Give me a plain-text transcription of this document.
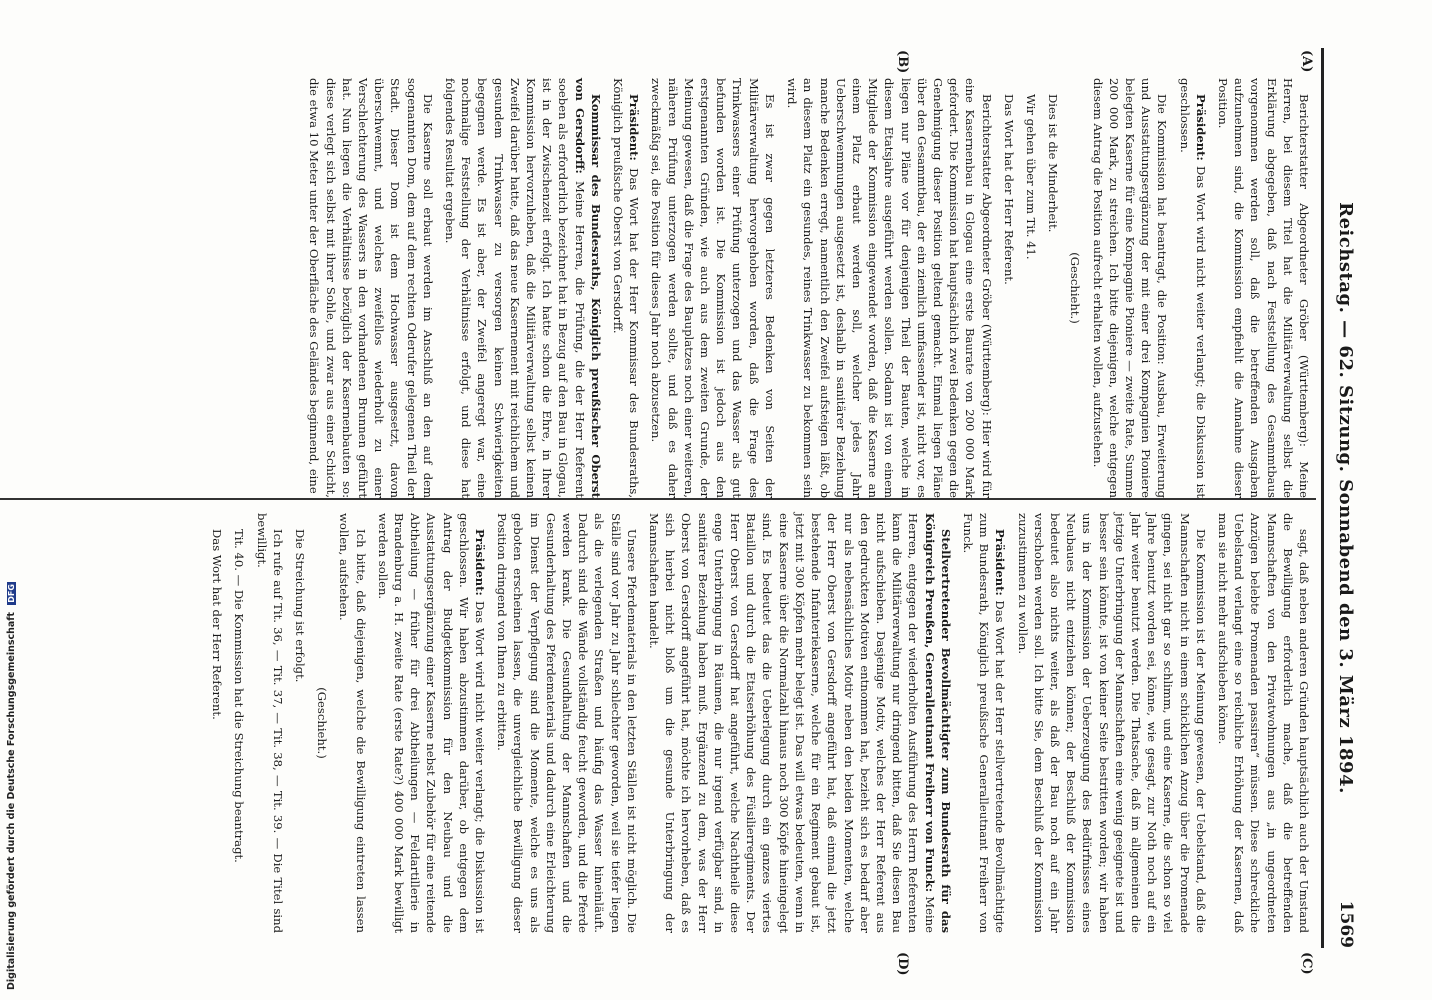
Reichstag. — 62. Sitzung. Sonnabend den 3. März 1894.
1569
(A)
(B)
(C)
(D)

Berichterstatter Abgeordneter Gröber (Württemberg): Meine Herren, bei diesem Titel hat die Militärverwaltung selbst die Erklärung abgegeben, daß nach Feststellung des Gesammtbaus vorgenommen werden soll, daß die betreffenden Ausgaben aufzunehmen sind, die Kommission empfiehlt die Annahme dieser Position.

Präsident: Das Wort wird nicht weiter verlangt; die Diskussion ist geschlossen.

Die Kommission hat beantragt, die Position: Ausbau, Erweiterung und Ausstattungsergänzung der mit einer drei Kompagnien Pioniere belegten Kaserne für eine Kompagnie Pioniere — zweite Rate, Summe 200 000 Mark, zu streichen. Ich bitte diejenigen, welche entgegen diesem Antrag die Position aufrecht erhalten wollen, aufzustehen.

(Geschieht.)

Dies ist die Minderheit.

Wir gehen über zum Tit. 41.

Das Wort hat der Herr Referent.

Berichterstatter Abgeordneter Gröber (Württemberg): Hier wird für eine Kasernenbau in Glogau eine erste Baurate von 200 000 Mark gefordert. Die Kommission hat hauptsächlich zwei Bedenken gegen die Genehmigung dieser Position geltend gemacht. Einmal liegen Pläne über den Gesammtbau, der ein ziemlich umfassender ist, nicht vor, es liegen nur Pläne vor für denjenigen Theil der Bauten, welche in diesem Etatsjahre ausgeführt werden sollen. Sodann ist von einem Mitgliede der Kommission eingewendet worden, daß die Kaserne an einem Platz erbaut werden soll, welcher jedes Jahr Ueberschwemmungen ausgesetzt ist, deshalb in sanitärer Beziehung manche Bedenken erregt, namentlich den Zweifel aufsteigen läßt, ob an diesem Platz ein gesundes, reines Trinkwasser zu bekommen sein wird.

Es ist zwar gegen letzteres Bedenken von Seiten der Militärverwaltung hervorgehoben worden, daß die Frage des Trinkwassers einer Prüfung unterzogen und das Wasser als gut befunden worden ist. Die Kommission ist jedoch aus den erstgenannten Gründen, wie auch aus dem zweiten Grunde, der Meinung gewesen, daß die Frage des Bauplatzes noch einer weiteren, näheren Prüfung unterzogen werden sollte, und daß es daher zweckmäßig sei, die Position für dieses Jahr noch abzusetzen.

Präsident: Das Wort hat der Herr Kommissar des Bundesraths, Königlich preußische Oberst von Gersdorff.

Kommissar des Bundesraths, Königlich preußischer Oberst von Gersdorff: Meine Herren, die Prüfung, die der Herr Referent soeben als erforderlich bezeichnet hat in Bezug auf den Bau in Glogau, ist in der Zwischenzeit erfolgt. Ich hatte schon die Ehre, in Ihrer Kommission hervorzuheben, daß die Militärverwaltung selbst keinen Zweifel darüber hatte, daß das neue Kasernement mit reichlichem und gesundem Trinkwasser zu versorgen keinen Schwierigkeiten begegnen werde. Es ist aber, der Zweifel angeregt war, eine nochmalige Feststellung der Verhältnisse erfolgt, und diese hat folgendes Resultat ergeben.

Die Kaserne soll erbaut werden im Anschluß an den auf dem sogenannten Dom, dem auf dem rechten Oderufer gelegenen Theil der Stadt. Dieser Dom ist dem Hochwasser ausgesetzt, davon überschwemmt, und welches zweifellos wiederholt zu einer Verschlechterung des Wassers in den vorhandenen Brunnen geführt hat. Nun liegen die Verhältnisse bezüglich der Kasernenbauten so: diese verlegt sich selbst mit ihrer Sohle, und zwar aus einer Schicht, die etwa 10 Meter unter der Oberfläche des Geländes beginnend, eine

sagt, daß neben anderen Gründen hauptsächlich auch der Umstand die Bewilligung erforderlich mache, daß die betreffenden Mannschaften von den Privatwohnungen aus „in ungeordneten Anzügen belebte Promenaden passiren“ müssen. Diese schreckliche Uebelstand verlangt eine so reichliche Erhöhung der Kasernen, daß man sie nicht mehr aufschieben könne.

Die Kommission ist der Meinung gewesen, der Uebelstand, daß die Mannschaften nicht in einem schicklichen Anzug über die Promenade gingen, sei nicht gar so schlimm, und eine Kaserne, die schon so viel Jahre benutzt worden sei, könne, wie gesagt, zur Noth noch auf ein Jahr weiter benutzt werden. Die Thatsache, daß im allgemeinen die jetzige Unterbringung der Mannschaften eine wenig geeignete ist und besser sein könnte, ist von keiner Seite bestritten worden; wir haben uns in der Kommission der Ueberzeugung des Bedürfnisses eines Neubaues nicht entziehen können; der Beschluß der Kommission bedeutet also nichts weiter, als daß der Bau noch auf ein Jahr verschoben werden soll. Ich bitte Sie, dem Beschluß der Kommission zuzustimmen zu wollen.

Präsident: Das Wort hat der Herr stellvertretende Bevollmächtigte zum Bundesrath, Königlich preußische Generalleutnant Freiherr von Funck.

Stellvertretender Bevollmächtigter zum Bundesrath für das Königreich Preußen, Generalleutnant Freiherr von Funck: Meine Herren, entgegen der wiederholten Ausführung des Herrn Referenten kann die Militärverwaltung nur dringend bitten, daß Sie diesen Bau nicht aufschieben. Dasjenige Motiv, welches der Herr Referent aus den gedruckten Motiven entnommen hat, bezieht sich es bedarf aber nur als nebensächliches Motiv neben den beiden Momenten, welche der Herr Oberst von Gersdorff angeführt hat, daß einmal die jetzt bestehende Infanteriekaserne, welche für ein Regiment gebaut ist, jetzt mit 300 Köpfen mehr belegt ist. Das will etwas bedeuten, wenn in eine Kaserne über die Normalzahl hinaus noch 300 Köpfe hineingelegt sind. Es bedeutet das die Ueberlegung durch ein ganzes viertes Bataillon und durch die Etatserhöhung des Füsilierregiments. Der Herr Oberst von Gersdorff hat angeführt, welche Nachtheile diese enge Unterbringung in Räumen, die nur irgend verfügbar sind, in sanitärer Beziehung haben muß. Ergänzend zu dem, was der Herr Oberst von Gersdorff angeführt hat, möchte ich hervorheben, daß es sich hierbei nicht bloß um die gesunde Unterbringung der Mannschaften handelt.

Unsere Pferdematerials in den letzten Ställen ist nicht möglich. Die Ställe sind vor Jahr zu Jahr schlechter geworden, weil sie tiefer liegen als die verlegenden Straßen und häufig das Wasser hineinläuft. Dadurch sind die Wände vollständig feucht geworden, und die Pferde werden krank. Die Gesundhaltung der Mannschaften und die Gesunderhaltung des Pferdematerials und dadurch eine Erleichterung im Dienst der Verpflegung sind die Momente, welche es uns als geboten erscheinen lassen, die unvergleichliche Bewilligung dieser Position dringend von Ihnen zu erbitten.

Präsident: Das Wort wird nicht weiter verlangt; die Diskussion ist geschlossen. Wir haben abzustimmen darüber, ob entgegen dem Antrag der Budgetkommission für den Neubau und die Ausstattungsergänzung einer Kaserne nebst Zubehör für eine reitende Abtheilung — früher für drei Abtheilungen — Feldartillerie in Brandenburg a. H. zweite Rate (erste Rate?) 400 000 Mark bewilligt werden sollen.

Ich bitte, daß diejenigen, welche die Bewilligung eintreten lassen wollen, aufstehen.

(Geschieht.)

Die Streichung ist erfolgt.

Ich rufe auf Tit. 36, — Tit. 37, — Tit. 38, — Tit. 39. — Die Titel sind bewilligt.

Tit. 40. — Die Kommission hat die Streichung beantragt.

Das Wort hat der Herr Referent.

Digitalisierung gefördert durch die Deutsche Forschungsgemeinschaft DFG
